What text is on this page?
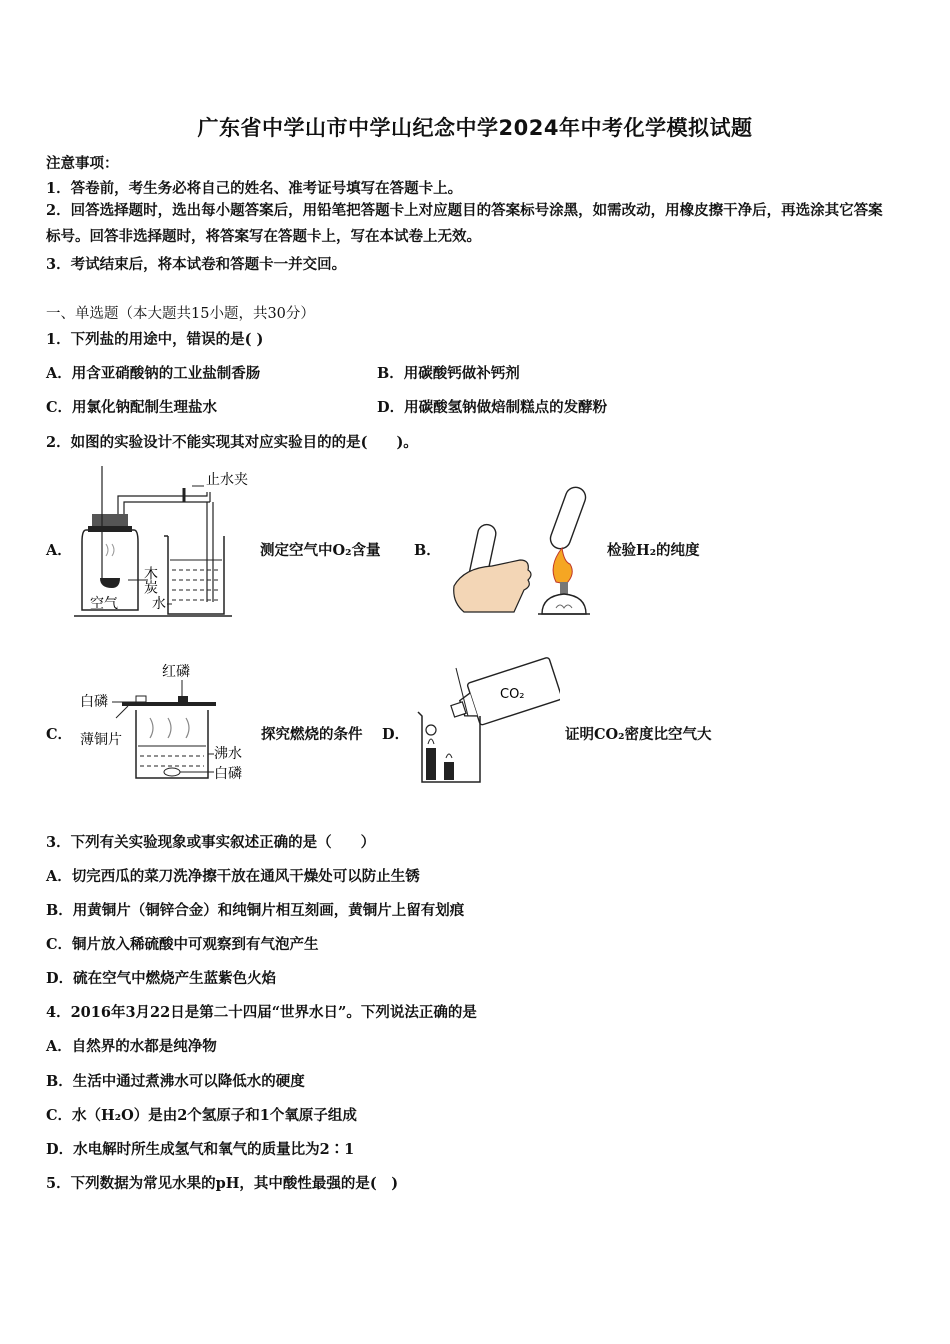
广东省中学山市中学山纪念中学2024年中考化学模拟试题
注意事项：
1．答卷前，考生务必将自己的姓名、准考证号填写在答题卡上。
2．回答选择题时，选出每小题答案后，用铅笔把答题卡上对应题目的答案标号涂黑，如需改动，用橡皮擦干净后，再选涂其它答案标号。回答非选择题时，将答案写在答题卡上，写在本试卷上无效。
3．考试结束后，将本试卷和答题卡一并交回。
一、单选题（本大题共15小题，共30分）
1．下列盐的用途中，错误的是( )
A．用含亚硝酸钠的工业盐制香肠	B．用碳酸钙做补钙剂
C．用氯化钠配制生理盐水	D．用碳酸氢钠做焙制糕点的发酵粉
2．如图的实验设计不能实现其对应实验目的的是(　　)。
A．
止水夹
木炭
水
空气
测定空气中O₂含量 B．	检验H₂的纯度
C．
红磷
白磷
薄铜片
沸水
白磷
探究燃烧的条件 D．
CO₂
证明CO₂密度比空气大
3．下列有关实验现象或事实叙述正确的是（　　）
A．切完西瓜的菜刀洗净擦干放在通风干燥处可以防止生锈
B．用黄铜片（铜锌合金）和纯铜片相互刻画，黄铜片上留有划痕
C．铜片放入稀硫酸中可观察到有气泡产生
D．硫在空气中燃烧产生蓝紫色火焰
4．2016年3月22日是第二十四届“世界水日”。下列说法正确的是
A．自然界的水都是纯净物
B．生活中通过煮沸水可以降低水的硬度
C．水（H₂O）是由2个氢原子和1个氧原子组成
D．水电解时所生成氢气和氧气的质量比为2∶1
5．下列数据为常见水果的pH，其中酸性最强的是(　)
